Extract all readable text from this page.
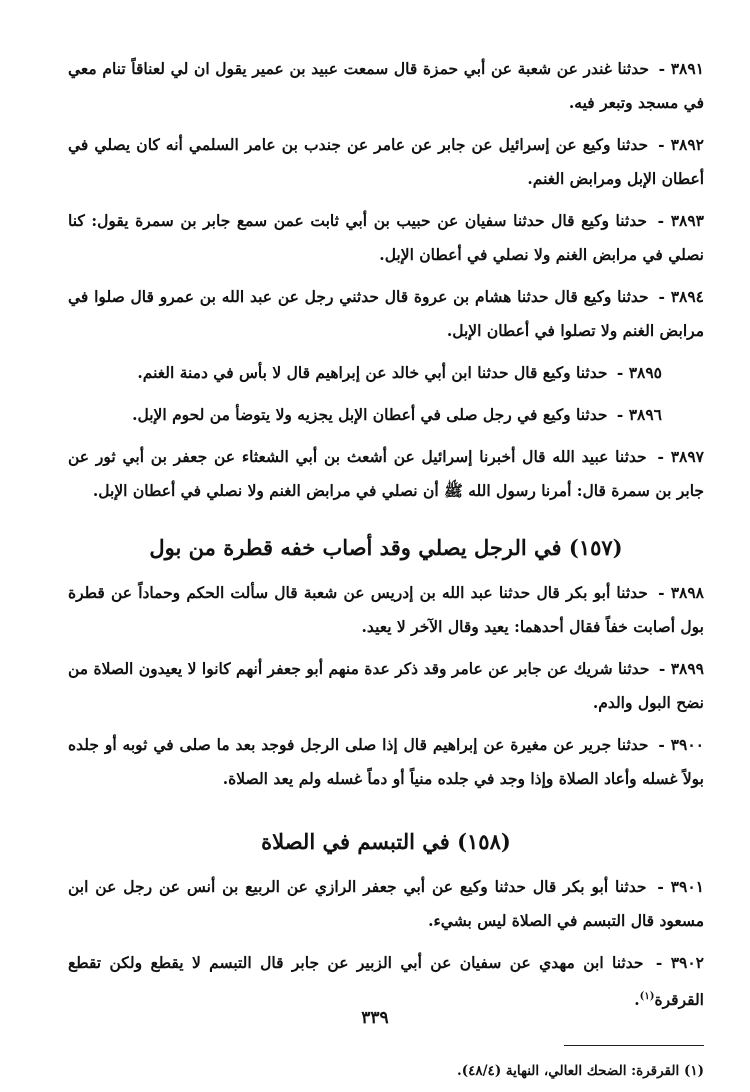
٣٨٩١ - حدثنا غندر عن شعبة عن أبي حمزة قال سمعت عبيد بن عمير يقول ان لي لعناقاً تنام معي في مسجد وتبعر فيه.

٣٨٩٢ - حدثنا وكيع عن إسرائيل عن جابر عن عامر عن جندب بن عامر السلمي أنه كان يصلي في أعطان الإبل ومرابض الغنم.

٣٨٩٣ - حدثنا وكيع قال حدثنا سفيان عن حبيب بن أبي ثابت عمن سمع جابر بن سمرة يقول: كنا نصلي في مرابض الغنم ولا نصلي في أعطان الإبل.

٣٨٩٤ - حدثنا وكيع قال حدثنا هشام بن عروة قال حدثني رجل عن عبد الله بن عمرو قال صلوا في مرابض الغنم ولا تصلوا في أعطان الإبل.

٣٨٩٥ - حدثنا وكيع قال حدثنا ابن أبي خالد عن إبراهيم قال لا بأس في دمنة الغنم.

٣٨٩٦ - حدثنا وكيع في رجل صلى في أعطان الإبل يجزيه ولا يتوضأ من لحوم الإبل.

٣٨٩٧ - حدثنا عبيد الله قال أخبرنا إسرائيل عن أشعث بن أبي الشعثاء عن جعفر بن أبي ثور عن جابر بن سمرة قال: أمرنا رسول الله ﷺ أن نصلي في مرابض الغنم ولا نصلي في أعطان الإبل.

(١٥٧) في الرجل يصلي وقد أصاب خفه قطرة من بول

٣٨٩٨ - حدثنا أبو بكر قال حدثنا عبد الله بن إدريس عن شعبة قال سألت الحكم وحماداً عن قطرة بول أصابت خفاً فقال أحدهما: يعيد وقال الآخر لا يعيد.

٣٨٩٩ - حدثنا شريك عن جابر عن عامر وقد ذكر عدة منهم أبو جعفر أنهم كانوا لا يعيدون الصلاة من نضح البول والدم.

٣٩٠٠ - حدثنا جرير عن مغيرة عن إبراهيم قال إذا صلى الرجل فوجد بعد ما صلى في ثوبه أو جلده بولاً غسله وأعاد الصلاة وإذا وجد في جلده منياً أو دماً غسله ولم يعد الصلاة.

(١٥٨) في التبسم في الصلاة

٣٩٠١ - حدثنا أبو بكر قال حدثنا وكيع عن أبي جعفر الرازي عن الربيع بن أنس عن رجل عن ابن مسعود قال التبسم في الصلاة ليس بشيء.

٣٩٠٢ - حدثنا ابن مهدي عن سفيان عن أبي الزبير عن جابر قال التبسم لا يقطع ولكن تقطع القرقرة$^{(١)}$.

(١) القرقرة: الضحك العالي، النهاية (٤٨/٤).
٣٣٩
